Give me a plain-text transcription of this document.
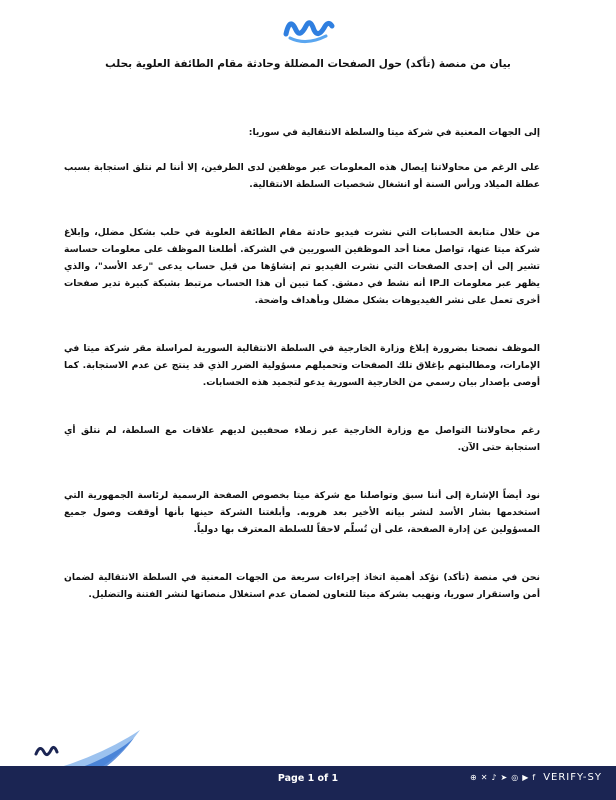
بيان من منصة (تأكد) حول الصفحات المضللة وحادثة مقام الطائفة العلوية بحلب

إلى الجهات المعنية في شركة ميتا والسلطة الانتقالية في سوريا:

على الرغم من محاولاتنا إيصال هذه المعلومات عبر موظفين لدى الطرفين، إلا أننا لم نتلق استجابة بسبب عطلة الميلاد ورأس السنة أو انشغال شخصيات السلطة الانتقالية.

من خلال متابعة الحسابات التي نشرت فيديو حادثة مقام الطائفة العلوية في حلب بشكل مضلل، وإبلاغ شركة ميتا عنها، تواصل معنا أحد الموظفين السوريين في الشركة. أطلعنا الموظف على معلومات حساسة تشير إلى أن إحدى الصفحات التي نشرت الفيديو تم إنشاؤها من قبل حساب يدعى "رعد الأسد"، والذي يظهر عبر معلومات الـIP أنه نشط في دمشق. كما تبين أن هذا الحساب مرتبط بشبكة كبيرة تدير صفحات أخرى تعمل على نشر الفيديوهات بشكل مضلل وبأهداف واضحة.

الموظف نصحنا بضرورة إبلاغ وزارة الخارجية في السلطة الانتقالية السورية لمراسلة مقر شركة ميتا في الإمارات، ومطالبتهم بإغلاق تلك الصفحات وتحميلهم مسؤولية الضرر الذي قد ينتج عن عدم الاستجابة. كما أوصى بإصدار بيان رسمي من الخارجية السورية يدعو لتجميد هذه الحسابات.

رغم محاولاتنا التواصل مع وزارة الخارجية عبر زملاء صحفيين لديهم علاقات مع السلطة، لم نتلق أي استجابة حتى الآن.

نود أيضاً الإشارة إلى أننا سبق وتواصلنا مع شركة ميتا بخصوص الصفحة الرسمية لرئاسة الجمهورية التي استخدمها بشار الأسد لنشر بيانه الأخير بعد هروبه. وأبلغتنا الشركة حينها بأنها أوقفت وصول جميع المسؤولين عن إدارة الصفحة، على أن تُسلّم لاحقاً للسلطة المعترف بها دولياً.

نحن في منصة (تأكد) نؤكد أهمية اتخاذ إجراءات سريعة من الجهات المعنية في السلطة الانتقالية لضمان أمن واستقرار سوريا، ونهيب بشركة ميتا للتعاون لضمان عدم استغلال منصاتها لنشر الفتنة والتضليل.

Page 1 of 1	⊕ ✕ ♪ ➤ ◎ ▶ f VERIFY-SY
